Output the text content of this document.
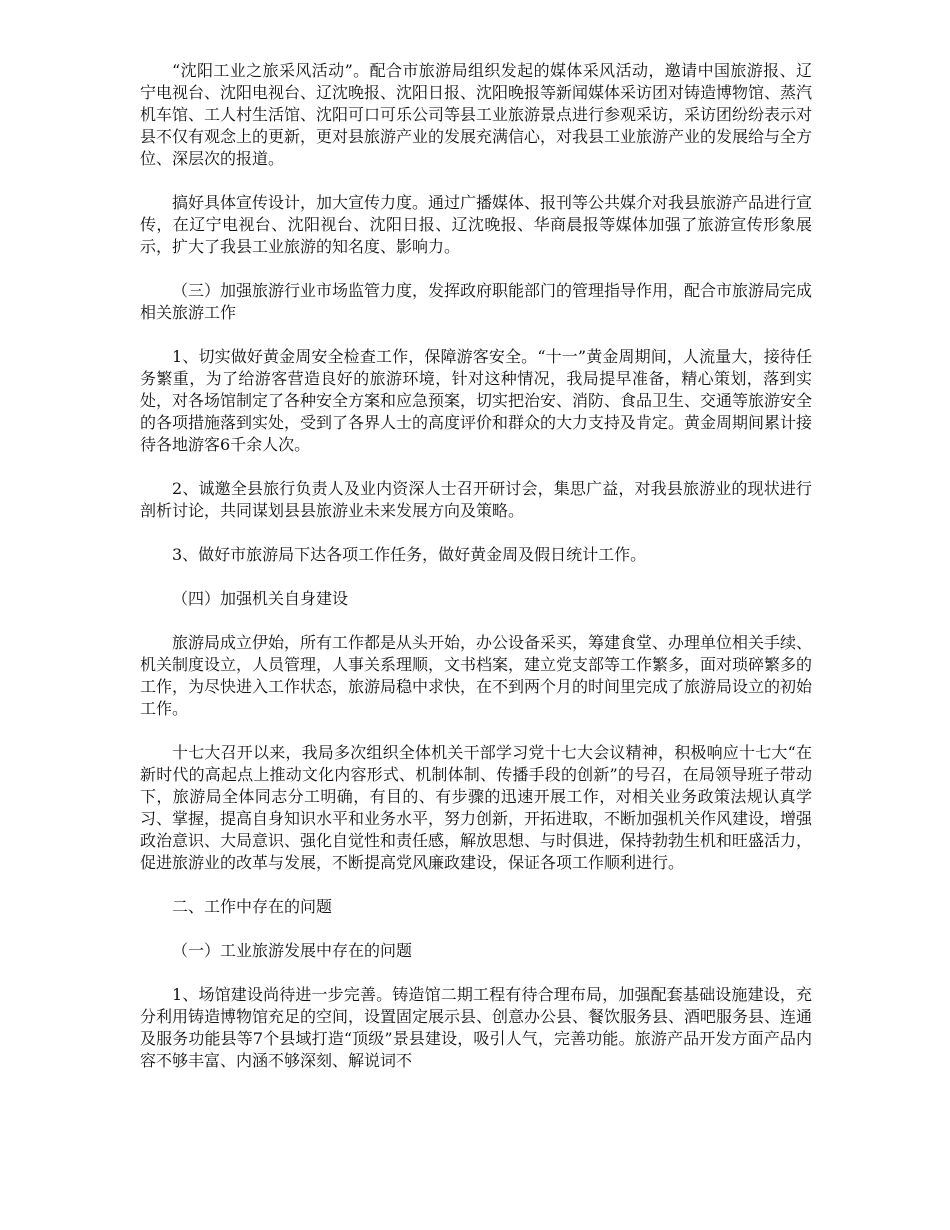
“沈阳工业之旅采风活动”。配合市旅游局组织发起的媒体采风活动，邀请中国旅游报、辽宁电视台、沈阳电视台、辽沈晚报、沈阳日报、沈阳晚报等新闻媒体采访团对铸造博物馆、蒸汽机车馆、工人村生活馆、沈阳可口可乐公司等县工业旅游景点进行参观采访，采访团纷纷表示对县不仅有观念上的更新，更对县旅游产业的发展充满信心，对我县工业旅游产业的发展给与全方位、深层次的报道。

搞好具体宣传设计，加大宣传力度。通过广播媒体、报刊等公共媒介对我县旅游产品进行宣传，在辽宁电视台、沈阳视台、沈阳日报、辽沈晚报、华商晨报等媒体加强了旅游宣传形象展示，扩大了我县工业旅游的知名度、影响力。

（三）加强旅游行业市场监管力度，发挥政府职能部门的管理指导作用，配合市旅游局完成相关旅游工作

1、切实做好黄金周安全检查工作，保障游客安全。“十一”黄金周期间，人流量大，接待任务繁重，为了给游客营造良好的旅游环境，针对这种情况，我局提早准备，精心策划，落到实处，对各场馆制定了各种安全方案和应急预案，切实把治安、消防、食品卫生、交通等旅游安全的各项措施落到实处，受到了各界人士的高度评价和群众的大力支持及肯定。黄金周期间累计接待各地游客6千余人次。

2、诚邀全县旅行负责人及业内资深人士召开研讨会，集思广益，对我县旅游业的现状进行剖析讨论，共同谋划县县旅游业未来发展方向及策略。

3、做好市旅游局下达各项工作任务，做好黄金周及假日统计工作。

（四）加强机关自身建设

旅游局成立伊始，所有工作都是从头开始，办公设备采买，筹建食堂、办理单位相关手续、机关制度设立，人员管理，人事关系理顺，文书档案，建立党支部等工作繁多，面对琐碎繁多的工作，为尽快进入工作状态，旅游局稳中求快，在不到两个月的时间里完成了旅游局设立的初始工作。

十七大召开以来，我局多次组织全体机关干部学习党十七大会议精神，积极响应十七大“在新时代的高起点上推动文化内容形式、机制体制、传播手段的创新”的号召，在局领导班子带动下，旅游局全体同志分工明确，有目的、有步骤的迅速开展工作，对相关业务政策法规认真学习、掌握，提高自身知识水平和业务水平，努力创新，开拓进取，不断加强机关作风建设，增强政治意识、大局意识、强化自觉性和责任感，解放思想、与时俱进，保持勃勃生机和旺盛活力，促进旅游业的改革与发展，不断提高党风廉政建设，保证各项工作顺利进行。

二、工作中存在的问题

（一）工业旅游发展中存在的问题

1、场馆建设尚待进一步完善。铸造馆二期工程有待合理布局，加强配套基础设施建设，充分利用铸造博物馆充足的空间，设置固定展示县、创意办公县、餐饮服务县、酒吧服务县、连通及服务功能县等7个县域打造“顶级”景县建设，吸引人气，完善功能。旅游产品开发方面产品内容不够丰富、内涵不够深刻、解说词不
